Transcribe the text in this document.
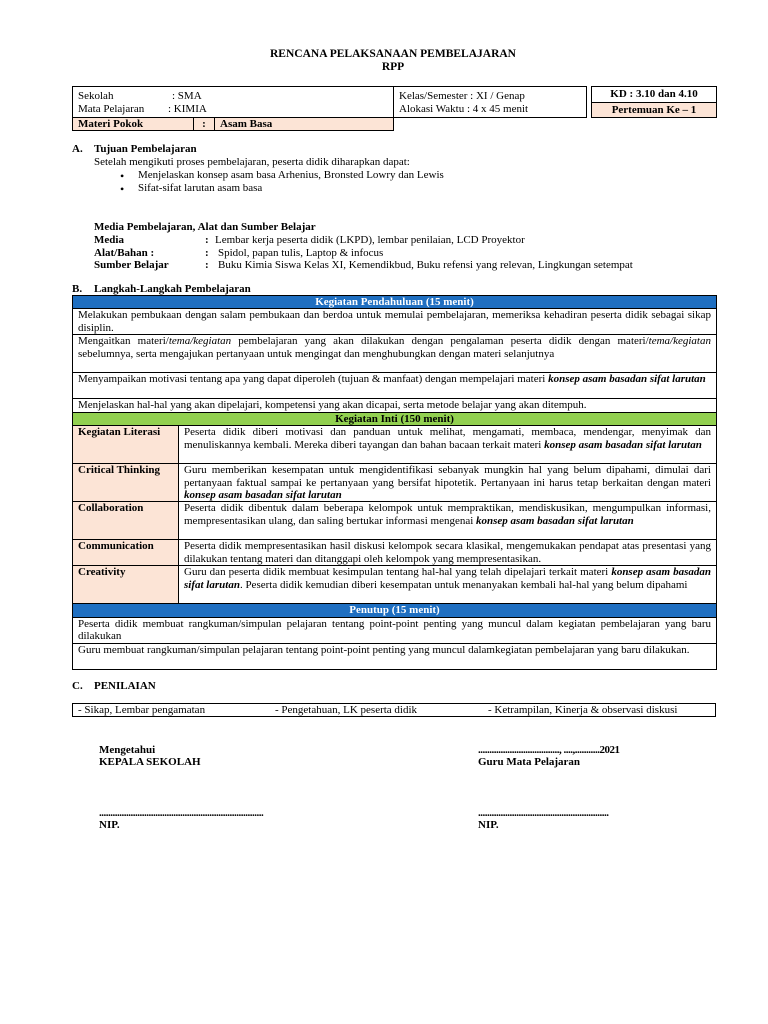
RENCANA PELAKSANAAN PEMBELAJARAN
RPP
Sekolah	: SMA
Mata Pelajaran : KIMIA
Kelas/Semester : XI / Genap
Alokasi Waktu : 4 x 45 menit
KD : 3.10 dan 4.10
Pertemuan Ke – 1
Materi Pokok	:	Asam Basa
A. Tujuan Pembelajaran
Setelah mengikuti proses pembelajaran, peserta didik diharapkan dapat:
• Menjelaskan konsep asam basa Arhenius, Bronsted Lowry dan Lewis
• Sifat-sifat larutan asam basa
Media Pembelajaran, Alat dan Sumber Belajar
Media	: Lembar kerja peserta didik (LKPD), lembar penilaian, LCD Proyektor
Alat/Bahan :	: Spidol, papan tulis, Laptop & infocus
Sumber Belajar	: Buku Kimia Siswa Kelas XI, Kemendikbud, Buku refensi yang relevan, Lingkungan setempat
B. Langkah-Langkah Pembelajaran
Kegiatan Pendahuluan (15 menit)	
Melakukan pembukaan dengan salam pembukaan dan berdoa untuk memulai pembelajaran, memeriksa kehadiran peserta didik sebagai sikap disiplin.	
Mengaitkan materi/tema/kegiatan pembelajaran yang akan dilakukan dengan pengalaman peserta didik dengan materi/tema/kegiatan sebelumnya, serta mengajukan pertanyaan untuk mengingat dan menghubungkan dengan materi selanjutnya	
Menyampaikan motivasi tentang apa yang dapat diperoleh (tujuan & manfaat) dengan mempelajari materi konsep asam basadan sifat larutan	
Menjelaskan hal-hal yang akan dipelajari, kompetensi yang akan dicapai, serta metode belajar yang akan ditempuh.	
Kegiatan Inti (150 menit)	
Kegiatan Literasi	Peserta didik diberi motivasi dan panduan untuk melihat, mengamati, membaca, mendengar, menyimak dan menuliskannya kembali. Mereka diberi tayangan dan bahan bacaan terkait materi konsep asam basadan sifat larutan
Critical Thinking	Guru memberikan kesempatan untuk mengidentifikasi sebanyak mungkin hal yang belum dipahami, dimulai dari pertanyaan faktual sampai ke pertanyaan yang bersifat hipotetik. Pertanyaan ini harus tetap berkaitan dengan materi konsep asam basadan sifat larutan
Collaboration	Peserta didik dibentuk dalam beberapa kelompok untuk mempraktikan, mendiskusikan, mengumpulkan informasi, mempresentasikan ulang, dan saling bertukar informasi mengenai konsep asam basadan sifat larutan
Communication	Peserta didik mempresentasikan hasil diskusi kelompok secara klasikal, mengemukakan pendapat atas presentasi yang dilakukan tentang materi dan ditanggapi oleh kelompok yang mempresentasikan.
Creativity	Guru dan peserta didik membuat kesimpulan tentang hal-hal yang telah dipelajari terkait materi konsep asam basadan sifat larutan. Peserta didik kemudian diberi kesempatan untuk menanyakan kembali hal-hal yang belum dipahami
Penutup (15 menit)	
Peserta didik membuat rangkuman/simpulan pelajaran tentang point-point penting yang muncul dalam kegiatan pembelajaran yang baru dilakukan	
Guru membuat rangkuman/simpulan pelajaran tentang point-point penting yang muncul dalamkegiatan pembelajaran yang baru dilakukan.	
C. PENILAIAN
- Sikap, Lembar pengamatan	- Pengetahuan, LK peserta didik	- Ketrampilan, Kinerja & observasi diskusi
Mengetahui
KEPALA SEKOLAH
...................................., ....,...........2021
Guru Mata Pelajaran
.........................................................................	..........................................................
NIP.	NIP.
